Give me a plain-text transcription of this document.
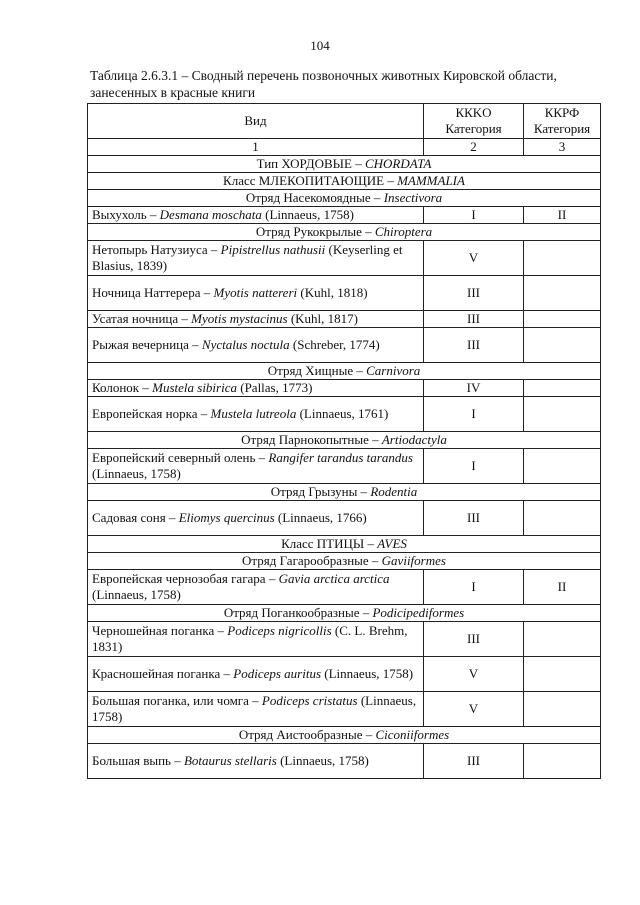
104
Таблица 2.6.3.1 – Сводный перечень позвоночных животных Кировской области, занесенных в красные книги
Вид	ККKО Категория	ККРФ Категория
1	2	3
Тип ХОРДОВЫЕ – CHORDATA		
Класс МЛЕКОПИТАЮЩИЕ – MAMMALIA		
Отряд Насекомоядные – Insectivora		
Выхухоль – Desmana moschata (Linnaeus, 1758)	I	II
Отряд Рукокрылые – Chiroptera		
Нетопырь Натузиуса – Pipistrellus nathusii (Keyserling et Blasius, 1839)	V	
Ночница Наттерера – Myotis nattereri (Kuhl, 1818)	III	
Усатая ночница – Myotis mystacinus (Kuhl, 1817)	III	
Рыжая вечерница – Nyctalus noctula (Schreber, 1774)	III	
Отряд Хищные – Carnivora		
Колонок – Mustela sibirica (Pallas, 1773)	IV	
Европейская норка – Mustela lutreola (Linnaeus, 1761)	I	
Отряд Парнокопытные – Artiodactyla		
Европейский северный олень – Rangifer tarandus tarandus (Linnaeus, 1758)	I	
Отряд Грызуны – Rodentia		
Садовая соня – Eliomys quercinus (Linnaeus, 1766)	III	
Класс ПТИЦЫ – AVES		
Отряд Гагарообразные – Gaviiformes		
Европейская чернозобая гагара – Gavia arctica arctica (Linnaeus, 1758)	I	II
Отряд Поганкообразные – Podicipediformes		
Черношейная поганка – Podiceps nigricollis (C. L. Brehm, 1831)	III	
Красношейная поганка – Podiceps auritus (Linnaeus, 1758)	V	
Большая поганка, или чомга – Podiceps cristatus (Linnaeus, 1758)	V	
Отряд Аистообразные – Ciconiiformes		
Большая выпь – Botaurus stellaris (Linnaeus, 1758)	III	
